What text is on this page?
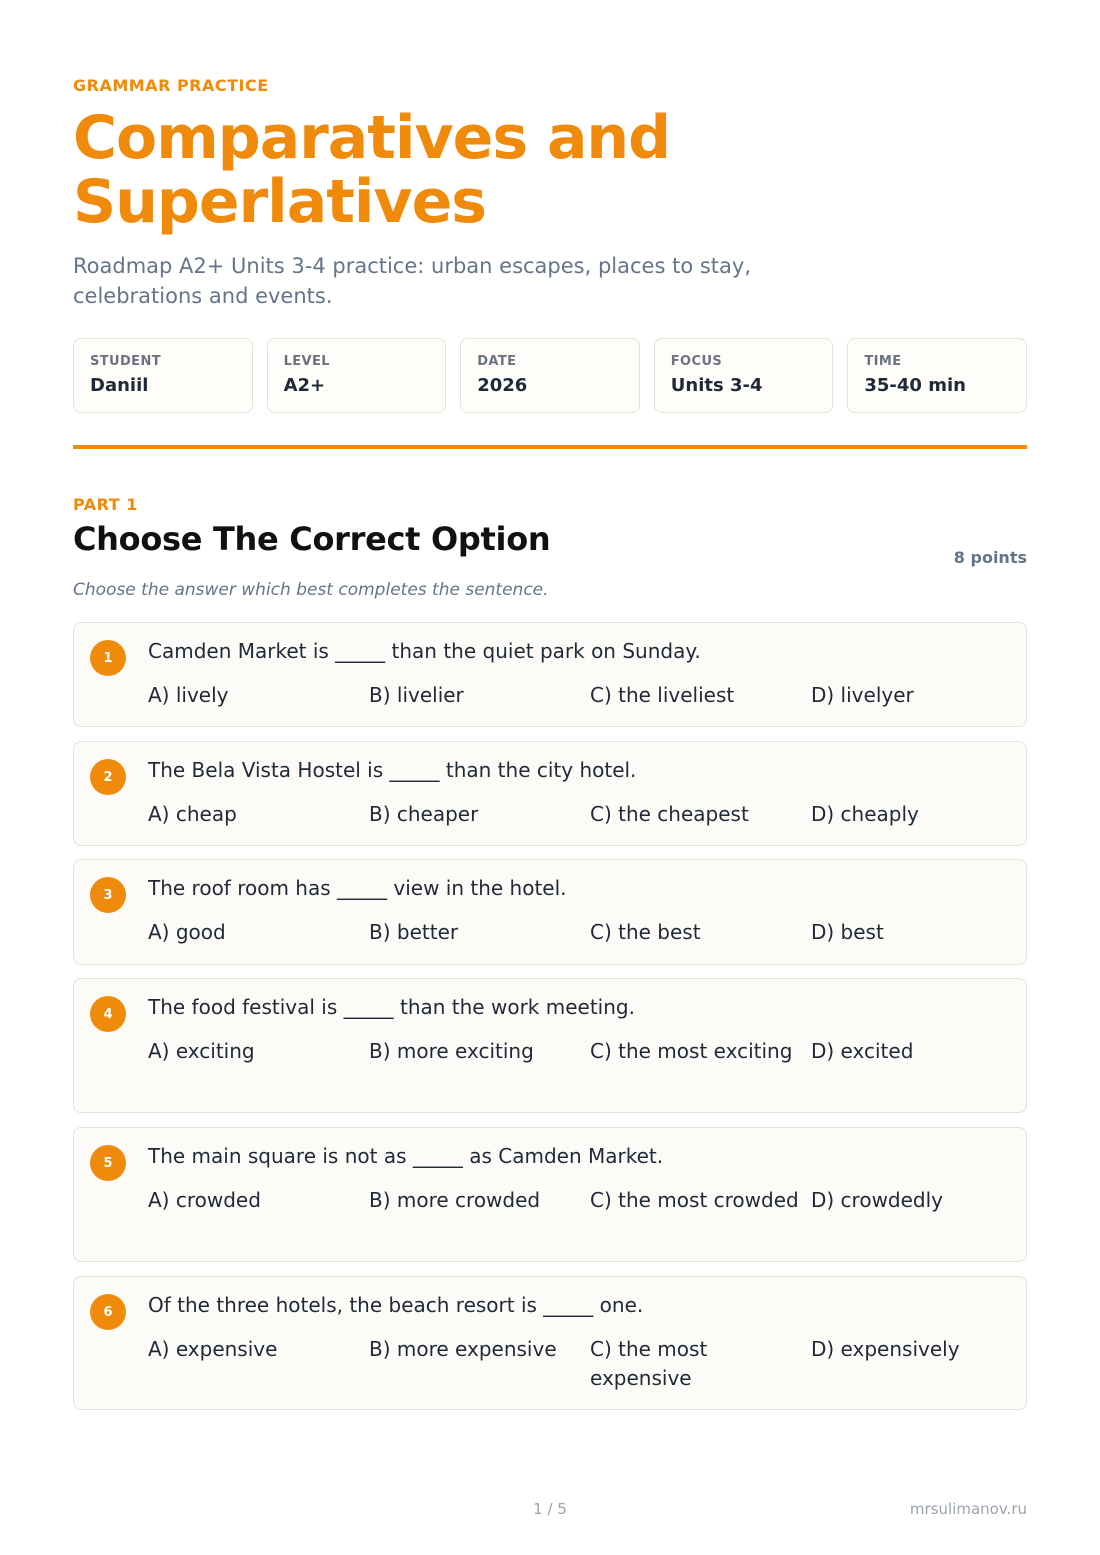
GRAMMAR PRACTICE
Comparatives and Superlatives

Roadmap A2+ Units 3-4 practice: urban escapes, places to stay, celebrations and events.

STUDENT
Daniil
LEVEL
A2+
DATE
2026
FOCUS
Units 3-4
TIME
35-40 min
PART 1
Choose The Correct Option	8 points
Choose the answer which best completes the sentence.
1	Camden Market is _____ than the quiet park on Sunday.
A) lively	B) livelier	C) the liveliest	D) livelyer
2	The Bela Vista Hostel is _____ than the city hotel.
A) cheap	B) cheaper	C) the cheapest	D) cheaply
3	The roof room has _____ view in the hotel.
A) good	B) better	C) the best	D) best
4	The food festival is _____ than the work meeting.
A) exciting	B) more exciting	C) the most exciting D) excited
5	The main square is not as _____ as Camden Market.
A) crowded	B) more crowded	C) the most crowded D) crowdedly
6	Of the three hotels, the beach resort is _____ one.
A) expensive	B) more expensive	C) the most expensive
D) expensively
1 / 5	mrsulimanov.ru
